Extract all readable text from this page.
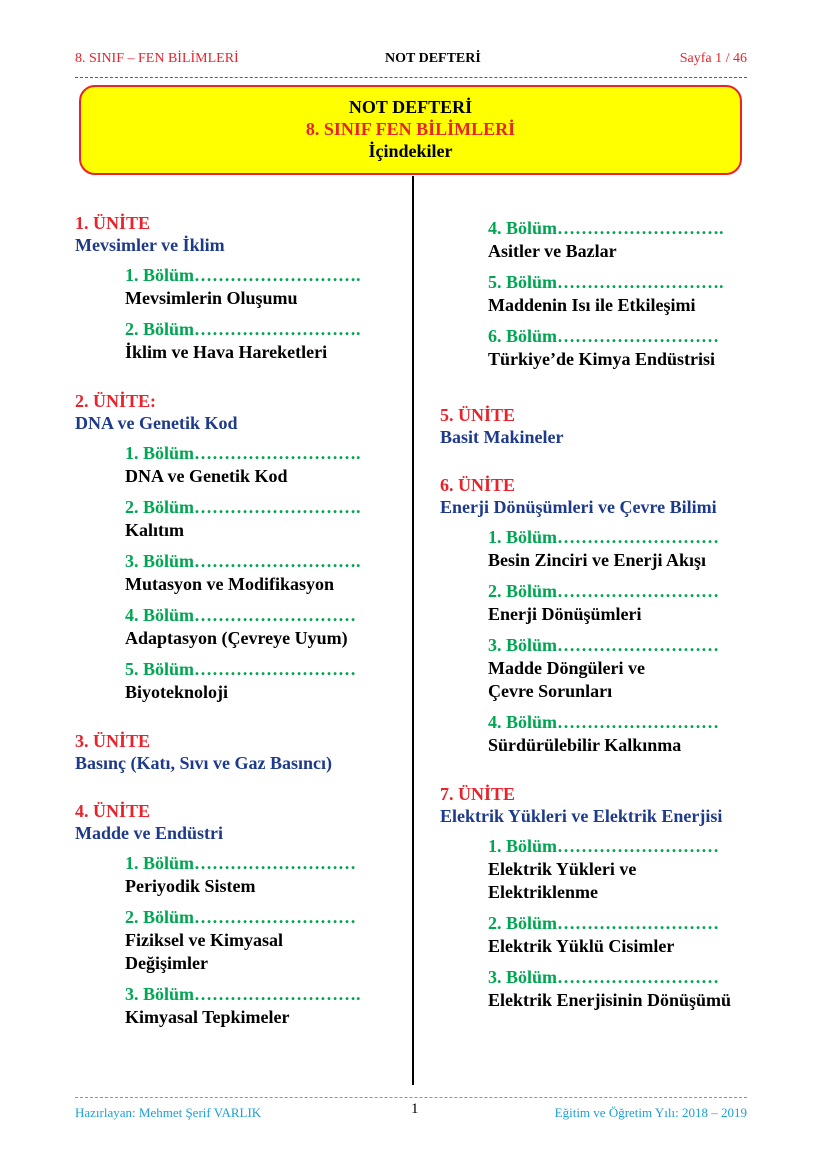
8. SINIF – FEN BİLİMLERİ	NOT DEFTERİ	Sayfa 1 / 46
NOT DEFTERİ
8. SINIF FEN BİLİMLERİ
İçindekiler
1. ÜNİTE
Mevsimler ve İklim
1. Bölüm……………………….
Mevsimlerin Oluşumu
2. Bölüm……………………….
İklim ve Hava Hareketleri
2. ÜNİTE:
DNA ve Genetik Kod
1. Bölüm……………………….
DNA ve Genetik Kod
2. Bölüm……………………….
Kalıtım
3. Bölüm……………………….
Mutasyon ve Modifikasyon
4. Bölüm………………………
Adaptasyon (Çevreye Uyum)
5. Bölüm………………………
Biyoteknoloji
3. ÜNİTE
Basınç (Katı, Sıvı ve Gaz Basıncı)
4. ÜNİTE
Madde ve Endüstri
1. Bölüm………………………
Periyodik Sistem
2. Bölüm………………………
Fiziksel ve Kimyasal Değişimler
3. Bölüm……………………….
Kimyasal Tepkimeler
4. Bölüm……………………….
Asitler ve Bazlar
5. Bölüm……………………….
Maddenin Isı ile Etkileşimi
6. Bölüm………………………
Türkiye’de Kimya Endüstrisi
5. ÜNİTE
Basit Makineler
6. ÜNİTE
Enerji Dönüşümleri ve Çevre Bilimi
1. Bölüm………………………
Besin Zinciri ve Enerji Akışı
2. Bölüm………………………
Enerji Dönüşümleri
3. Bölüm………………………
Madde Döngüleri ve Çevre Sorunları
4. Bölüm………………………
Sürdürülebilir Kalkınma
7. ÜNİTE
Elektrik Yükleri ve Elektrik Enerjisi
1. Bölüm………………………
Elektrik Yükleri ve Elektriklenme
2. Bölüm………………………
Elektrik Yüklü Cisimler
3. Bölüm………………………
Elektrik Enerjisinin Dönüşümü
Hazırlayan: Mehmet Şerif VARLIK	1	Eğitim ve Öğretim Yılı: 2018 – 2019
